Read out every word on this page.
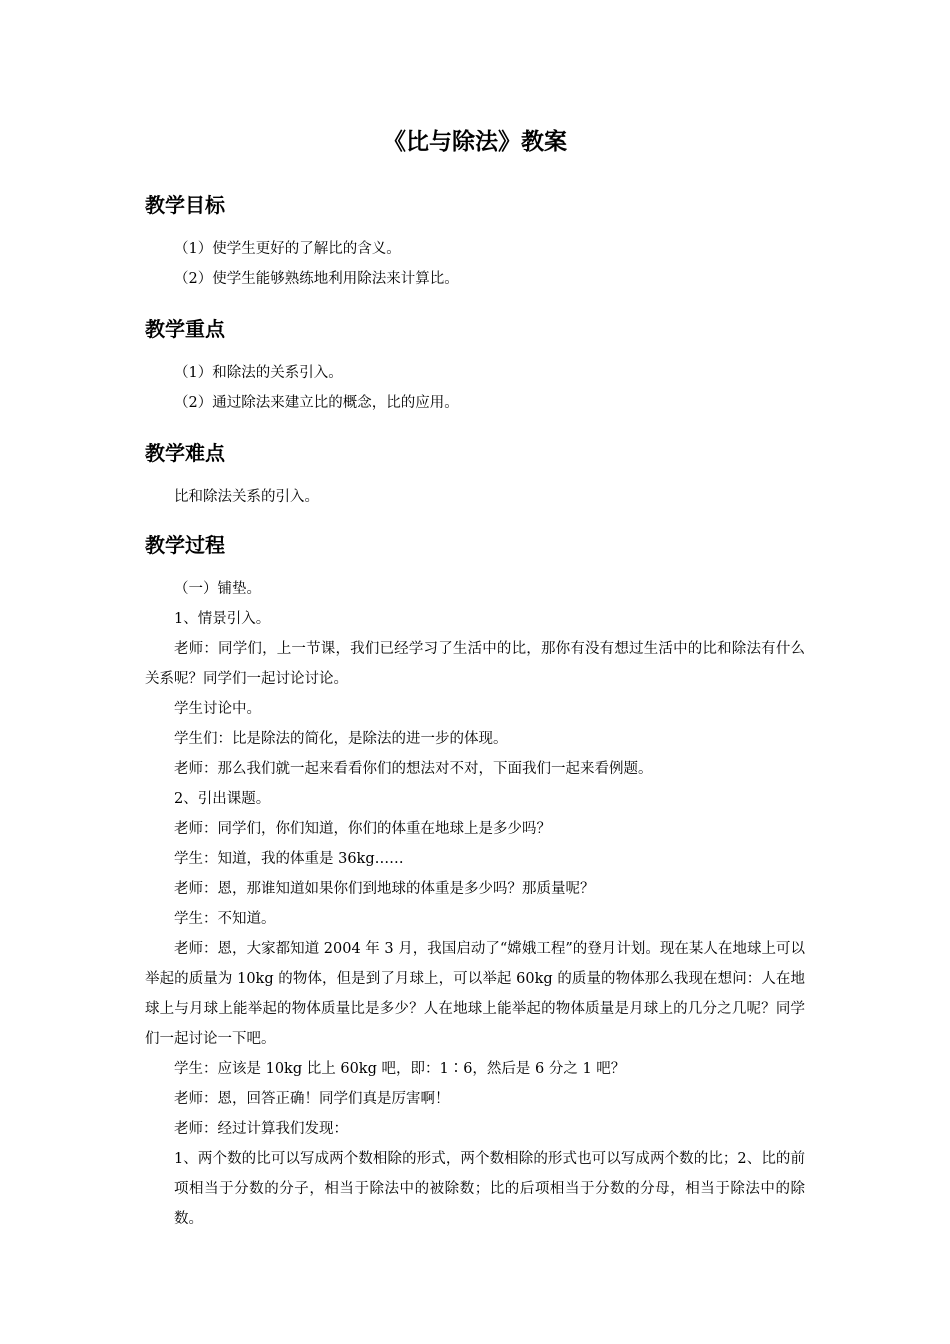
《比与除法》教案
教学目标

（1）使学生更好的了解比的含义。

（2）使学生能够熟练地利用除法来计算比。

教学重点

（1）和除法的关系引入。

（2）通过除法来建立比的概念，比的应用。

教学难点

比和除法关系的引入。

教学过程

（一）铺垫。

1、情景引入。

老师：同学们，上一节课，我们已经学习了生活中的比，那你有没有想过生活中的比和除法有什么关系呢？同学们一起讨论讨论。

学生讨论中。

学生们：比是除法的简化，是除法的进一步的体现。

老师：那么我们就一起来看看你们的想法对不对，下面我们一起来看例题。

2、引出课题。

老师：同学们，你们知道，你们的体重在地球上是多少吗？

学生：知道，我的体重是 36kg……

老师：恩，那谁知道如果你们到地球的体重是多少吗？那质量呢？

学生：不知道。

老师：恩，大家都知道 2004 年 3 月，我国启动了“嫦娥工程”的登月计划。现在某人在地球上可以举起的质量为 10kg 的物体，但是到了月球上，可以举起 60kg 的质量的物体那么我现在想问：人在地球上与月球上能举起的物体质量比是多少？人在地球上能举起的物体质量是月球上的几分之几呢？同学们一起讨论一下吧。

学生：应该是 10kg 比上 60kg 吧，即：1∶6，然后是 6 分之 1 吧？

老师：恩，回答正确！同学们真是厉害啊！

老师：经过计算我们发现：

1、两个数的比可以写成两个数相除的形式，两个数相除的形式也可以写成两个数的比；2、比的前项相当于分数的分子，相当于除法中的被除数；比的后项相当于分数的分母，相当于除法中的除数。
